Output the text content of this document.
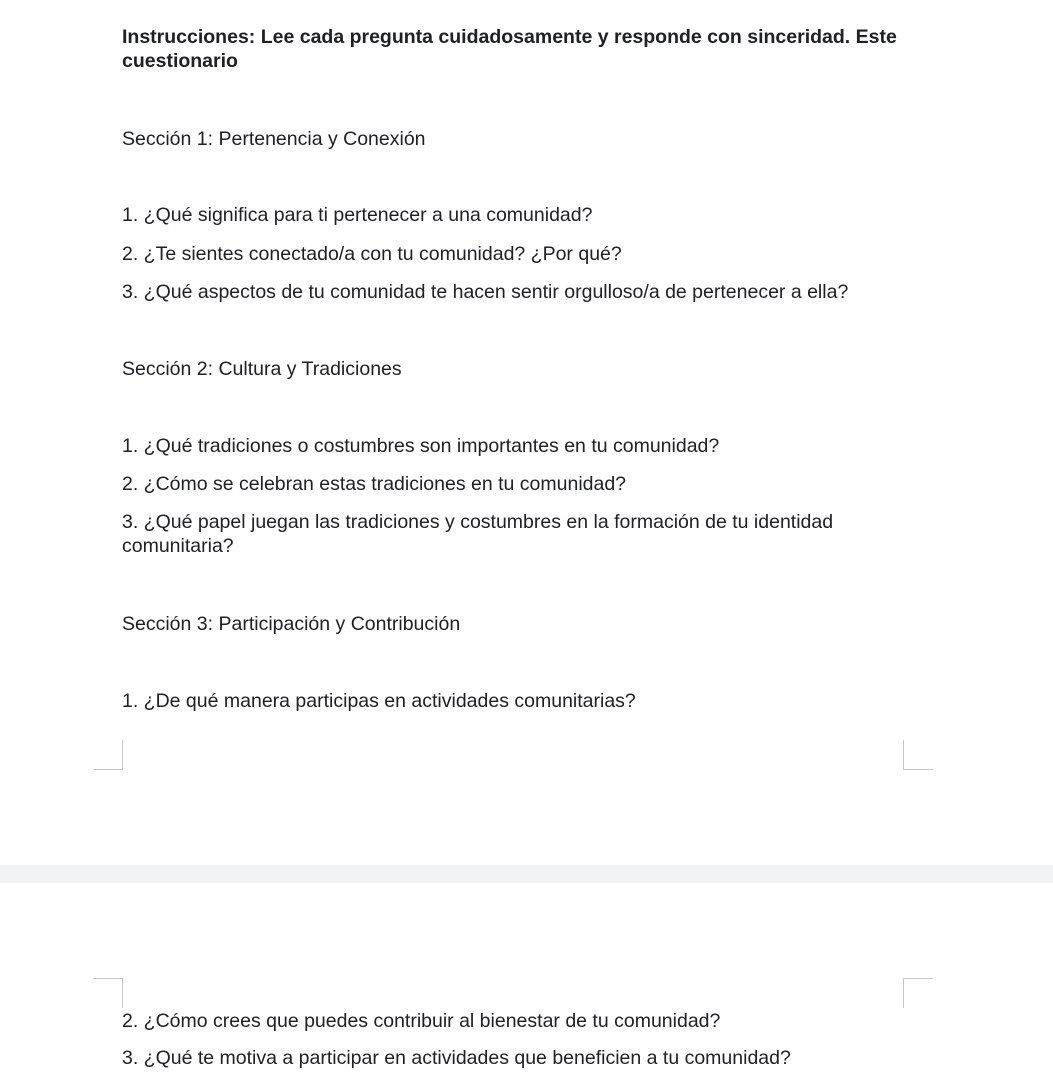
Instrucciones: Lee cada pregunta cuidadosamente y responde con sinceridad. Este cuestionario
Sección 1: Pertenencia y Conexión
1. ¿Qué significa para ti pertenecer a una comunidad?
2. ¿Te sientes conectado/a con tu comunidad? ¿Por qué?
3. ¿Qué aspectos de tu comunidad te hacen sentir orgulloso/a de pertenecer a ella?
Sección 2: Cultura y Tradiciones
1. ¿Qué tradiciones o costumbres son importantes en tu comunidad?
2. ¿Cómo se celebran estas tradiciones en tu comunidad?
3. ¿Qué papel juegan las tradiciones y costumbres en la formación de tu identidad comunitaria?
Sección 3: Participación y Contribución
1. ¿De qué manera participas en actividades comunitarias?
2. ¿Cómo crees que puedes contribuir al bienestar de tu comunidad?
3. ¿Qué te motiva a participar en actividades que beneficien a tu comunidad?
